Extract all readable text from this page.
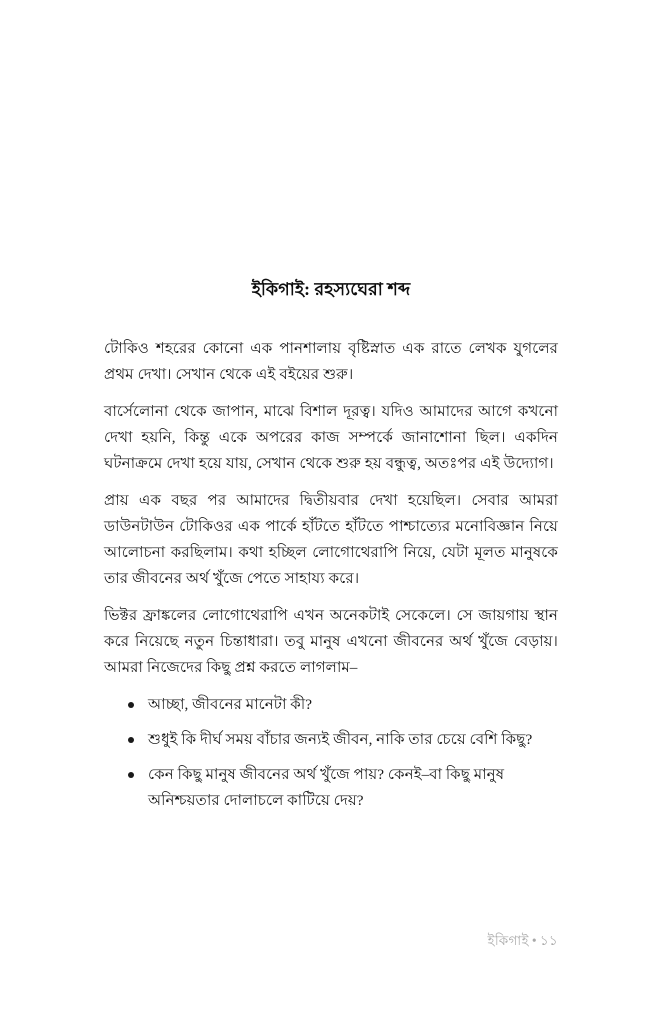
ইকিগাই: রহস্যঘেরা শব্দ

টোকিও শহরের কোনো এক পানশালায় বৃষ্টিস্নাত এক রাতে লেখক যুগলের প্রথম দেখা। সেখান থেকে এই বইয়ের শুরু।

বার্সেলোনা থেকে জাপান, মাঝে বিশাল দূরত্ব। যদিও আমাদের আগে কখনো দেখা হয়নি, কিন্তু একে অপরের কাজ সম্পর্কে জানাশোনা ছিল। একদিন ঘটনাক্রমে দেখা হয়ে যায়, সেখান থেকে শুরু হয় বন্ধুত্ব, অতঃপর এই উদ্যোগ।

প্রায় এক বছর পর আমাদের দ্বিতীয়বার দেখা হয়েছিল। সেবার আমরা ডাউনটাউন টোকিওর এক পার্কে হাঁটতে হাঁটতে পাশ্চাত্যের মনোবিজ্ঞান নিয়ে আলোচনা করছিলাম। কথা হচ্ছিল লোগোথেরাপি নিয়ে, যেটা মূলত মানুষকে তার জীবনের অর্থ খুঁজে পেতে সাহায্য করে।

ভিক্টর ফ্রাঙ্কলের লোগোথেরাপি এখন অনেকটাই সেকেলে। সে জায়গায় স্থান করে নিয়েছে নতুন চিন্তাধারা। তবু মানুষ এখনো জীবনের অর্থ খুঁজে বেড়ায়। আমরা নিজেদের কিছু প্রশ্ন করতে লাগলাম–

আচ্ছা, জীবনের মানেটা কী?
শুধুই কি দীর্ঘ সময় বাঁচার জন্যই জীবন, নাকি তার চেয়ে বেশি কিছু?
কেন কিছু মানুষ জীবনের অর্থ খুঁজে পায়? কেনই–বা কিছু মানুষ অনিশ্চয়তার দোলাচলে কাটিয়ে দেয়?
ইকিগাই • ১১
